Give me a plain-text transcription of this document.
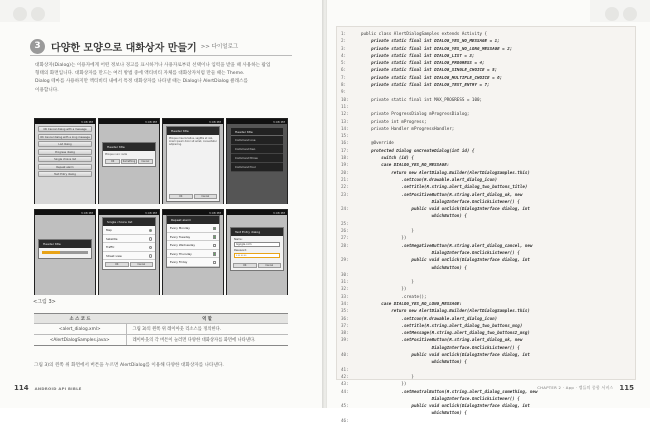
3	다양한 모양으로 대화상자 만들기 >> 다이얼로그

대화상자(Dialog)는 이용자에게 어떤 정보나 경고를 표시하거나 사용자로부터 선택이나 입력을 받을 때 사용하는 팝업

형태의 화면입니다. 대화상자를 만드는 여러 방법 중에 액티비티 자체를 대화상자처럼 만들 때는 Theme.

Dialog 테마를 사용하지만 액티비티 내에서 특정 대화상자를 나타낼 때는 Dialog나 AlertDialog 클래스를

이용합니다.

3:08 PM
OK Cancel dialog with a message
OK Cancel dialog with a long message
List dialog
Progress dialog
Single choice list
Repeat alarm
Text Entry dialog
3:08 PM
Header title
Plloque nunc nulla
OK	Something	Cancel
3:08 PM
Header title
Plloque mauris tellus, sagittis et nisl, lorem ipsum dolor sit amet, consectetur adipiscing.
OK	Cancel
3:08 PM
Header title
Command one
Command two
Command three
Command four
3:08 PM
Header title
3:08 PM
Single choice list
Map
Satellite
Traffic
Street view
OK	Cancel
3:08 PM
Repeat alarm
Every Monday
Every Tuesday
Every Wednesday
Every Thursday
Every Friday
3:08 PM
Text Entry dialog
Name:
Ggogle.com
Password:
•••••••
OK	Cancel
<그림 3>
소 스 코 드	역 할
<alert_dialog.xml>	그림 3)의 왼쪽 위 레이아웃 리소스를 정의한다.
<AlertDialogSamples.java>	레이아웃의 각 버튼이 눌러면 다양한 대화상자를 화면에 나타낸다.
그림 3)의 왼쪽 위 화면에서 버튼을 누르면 AlertDialog를 이용해 다양한 대화상자를 나타낸다.
114 ANDROID API BIBLE
1:	public class AlertDialogSamples extends Activity {
2:	private static final int DIALOG_YES_NO_MESSAGE = 1;
3:	private static final int DIALOG_YES_NO_LONG_MESSAGE = 2;
4:	private static final int DIALOG_LIST = 3;
5:	private static final int DIALOG_PROGRESS = 4;
6:	private static final int DIALOG_SINGLE_CHOICE = 5;
7:	private static final int DIALOG_MULTIPLE_CHOICE = 6;
8:	private static final int DIALOG_TEXT_ENTRY = 7;
9:
10:	private static final int MAX_PROGRESS = 100;
11:
12:	private ProgressDialog mProgressDialog;
13:	private int mProgress;
14:	private Handler mProgressHandler;
15:
16:	@Override
17:	protected Dialog onCreateDialog(int id) {
18:	switch (id) {
19:	case DIALOG_YES_NO_MESSAGE:
20:	return new AlertDialog.Builder(AlertDialogSamples.this)
21:	.setIcon(R.drawable.alert_dialog_icon)
22:	.setTitle(R.string.alert_dialog_two_buttons_title)
23:	.setPositiveButton(R.string.alert_dialog_ok, new
DialogInterface.OnClickListener() {
24:	public void onClick(DialogInterface dialog, int
whichButton) {
25:
26:	}
27:	})
28:	.setNegativeButton(R.string.alert_dialog_cancel, new
DialogInterface.OnClickListener() {
29:	public void onClick(DialogInterface dialog, int
whichButton) {
30:
31:	}
32:	})
33:	.create();
34:	case DIALOG_YES_NO_LONG_MESSAGE:
35:	return new AlertDialog.Builder(AlertDialogSamples.this)
36:	.setIcon(R.drawable.alert_dialog_icon)
37:	.setTitle(R.string.alert_dialog_two_buttons_msg)
38:	.setMessage(R.string.alert_dialog_two_buttons2_msg)
39:	.setPositiveButton(R.string.alert_dialog_ok, new
DialogInterface.OnClickListener() {
40:	public void onClick(DialogInterface dialog, int
whichButton) {
41:
42:	}
43:	})
44:	.setNeutralButton(R.string.alert_dialog_something, new
DialogInterface.OnClickListener() {
45:	public void onClick(DialogInterface dialog, int
whichButton) {
46:
CHAPTER 2 · App · 앱들의 종합 서비스 115
